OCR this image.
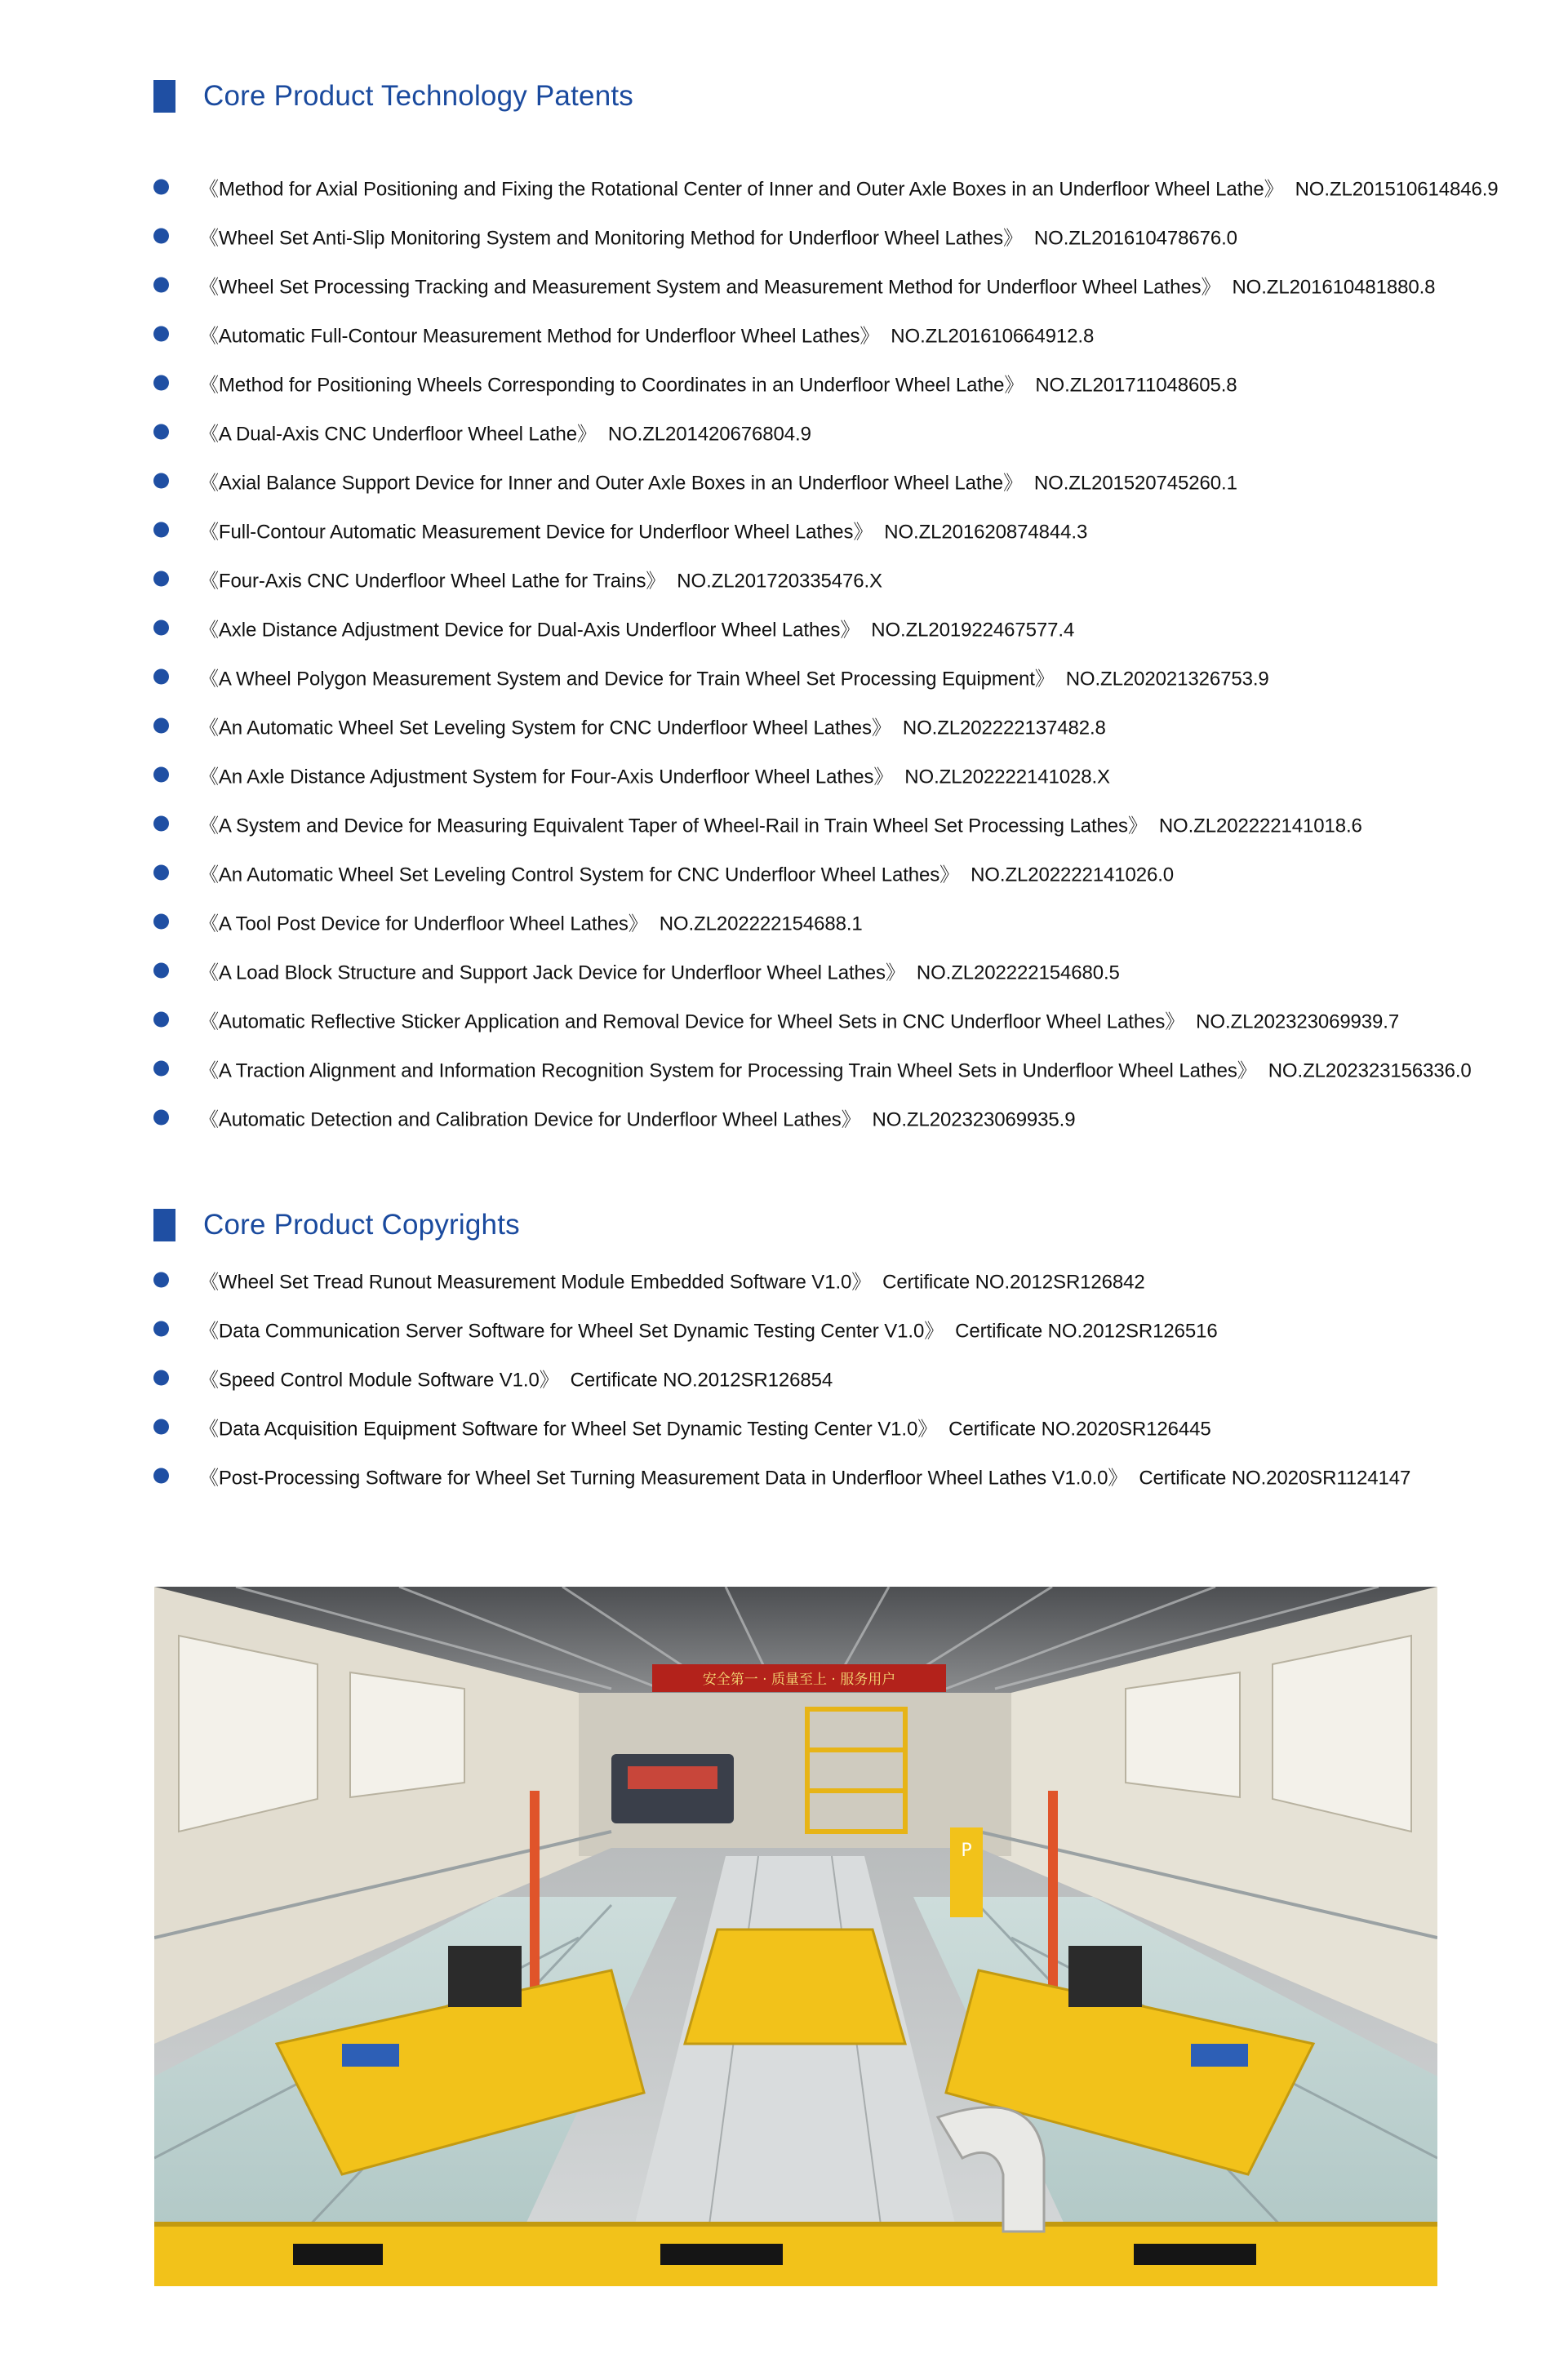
Core Product Technology Patents
《Method for Axial Positioning and Fixing the Rotational Center of Inner and Outer Axle Boxes in an Underfloor Wheel Lathe》 NO.ZL201510614846.9
《Wheel Set Anti-Slip Monitoring System and Monitoring Method for Underfloor Wheel Lathes》 NO.ZL201610478676.0
《Wheel Set Processing Tracking and Measurement System and Measurement Method for Underfloor Wheel Lathes》 NO.ZL201610481880.8
《Automatic Full-Contour Measurement Method for Underfloor Wheel Lathes》 NO.ZL201610664912.8
《Method for Positioning Wheels Corresponding to Coordinates in an Underfloor Wheel Lathe》 NO.ZL201711048605.8
《A Dual-Axis CNC Underfloor Wheel Lathe》 NO.ZL201420676804.9
《Axial Balance Support Device for Inner and Outer Axle Boxes in an Underfloor Wheel Lathe》 NO.ZL201520745260.1
《Full-Contour Automatic Measurement Device for Underfloor Wheel Lathes》 NO.ZL201620874844.3
《Four-Axis CNC Underfloor Wheel Lathe for Trains》 NO.ZL201720335476.X
《Axle Distance Adjustment Device for Dual-Axis Underfloor Wheel Lathes》 NO.ZL201922467577.4
《A Wheel Polygon Measurement System and Device for Train Wheel Set Processing Equipment》 NO.ZL202021326753.9
《An Automatic Wheel Set Leveling System for CNC Underfloor Wheel Lathes》 NO.ZL202222137482.8
《An Axle Distance Adjustment System for Four-Axis Underfloor Wheel Lathes》 NO.ZL202222141028.X
《A System and Device for Measuring Equivalent Taper of Wheel-Rail in Train Wheel Set Processing Lathes》 NO.ZL202222141018.6
《An Automatic Wheel Set Leveling Control System for CNC Underfloor Wheel Lathes》 NO.ZL202222141026.0
《A Tool Post Device for Underfloor Wheel Lathes》 NO.ZL202222154688.1
《A Load Block Structure and Support Jack Device for Underfloor Wheel Lathes》 NO.ZL202222154680.5
《Automatic Reflective Sticker Application and Removal Device for Wheel Sets in CNC Underfloor Wheel Lathes》 NO.ZL202323069939.7
《A Traction Alignment and Information Recognition System for Processing Train Wheel Sets in Underfloor Wheel Lathes》 NO.ZL202323156336.0
《Automatic Detection and Calibration Device for Underfloor Wheel Lathes》 NO.ZL202323069935.9
Core Product Copyrights
《Wheel Set Tread Runout Measurement Module Embedded Software V1.0》 Certificate NO.2012SR126842
《Data Communication Server Software for Wheel Set Dynamic Testing Center V1.0》 Certificate NO.2012SR126516
《Speed Control Module Software V1.0》 Certificate NO.2012SR126854
《Data Acquisition Equipment Software for Wheel Set Dynamic Testing Center V1.0》 Certificate NO.2020SR126445
《Post-Processing Software for Wheel Set Turning Measurement Data in Underfloor Wheel Lathes V1.0.0》 Certificate NO.2020SR1124147
安全第一 · 质量至上 · 服务用户
P
